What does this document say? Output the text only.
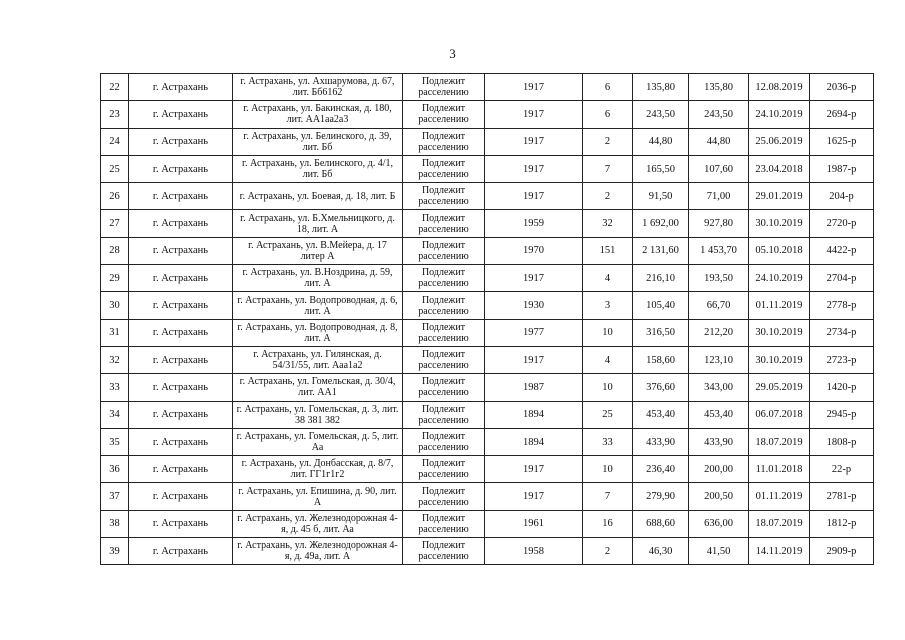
3
22	г. Астрахань	г. Астрахань, ул. Ахшарумова, д. 67, лит. Бб6162	Подлежит расселению	1917	6	135,80	135,80	12.08.2019	2036-р
23	г. Астрахань	г. Астрахань, ул. Бакинская, д. 180, лит. АА1аа2а3	Подлежит расселению	1917	6	243,50	243,50	24.10.2019	2694-р
24	г. Астрахань	г. Астрахань, ул. Белинского, д. 39, лит. Бб	Подлежит расселению	1917	2	44,80	44,80	25.06.2019	1625-р
25	г. Астрахань	г. Астрахань, ул. Белинского, д. 4/1, лит. Бб	Подлежит расселению	1917	7	165,50	107,60	23.04.2018	1987-р
26	г. Астрахань	г. Астрахань, ул. Боевая, д. 18, лит. Б	Подлежит расселению	1917	2	91,50	71,00	29.01.2019	204-р
27	г. Астрахань	г. Астрахань, ул. Б.Хмельницкого, д. 18, лит. А	Подлежит расселению	1959	32	1 692,00	927,80	30.10.2019	2720-р
28	г. Астрахань	г. Астрахань, ул. В.Мейера, д. 17 литер А	Подлежит расселению	1970	151	2 131,60	1 453,70	05.10.2018	4422-р
29	г. Астрахань	г. Астрахань, ул. В.Ноздрина, д. 59, лит. А	Подлежит расселению	1917	4	216,10	193,50	24.10.2019	2704-р
30	г. Астрахань	г. Астрахань, ул. Водопроводная, д. 6, лит. А	Подлежит расселению	1930	3	105,40	66,70	01.11.2019	2778-р
31	г. Астрахань	г. Астрахань, ул. Водопроводная, д. 8, лит. А	Подлежит расселению	1977	10	316,50	212,20	30.10.2019	2734-р
32	г. Астрахань	г. Астрахань, ул. Гилянская, д. 54/31/55, лит. Ааа1а2	Подлежит расселению	1917	4	158,60	123,10	30.10.2019	2723-р
33	г. Астрахань	г. Астрахань, ул. Гомельская, д. 30/4, лит. АА1	Подлежит расселению	1987	10	376,60	343,00	29.05.2019	1420-р
34	г. Астрахань	г. Астрахань, ул. Гомельская, д. 3, лит. 38 381 382	Подлежит расселению	1894	25	453,40	453,40	06.07.2018	2945-р
35	г. Астрахань	г. Астрахань, ул. Гомельская, д. 5, лит. Аа	Подлежит расселению	1894	33	433,90	433,90	18.07.2019	1808-р
36	г. Астрахань	г. Астрахань, ул. Донбасская, д. 8/7, лит. ГГ1г1г2	Подлежит расселению	1917	10	236,40	200,00	11.01.2018	22-р
37	г. Астрахань	г. Астрахань, ул. Епишина, д. 90, лит. А	Подлежит расселению	1917	7	279,90	200,50	01.11.2019	2781-р
38	г. Астрахань	г. Астрахань, ул. Железнодорожная 4-я, д. 45 б, лит. Аа	Подлежит расселению	1961	16	688,60	636,00	18.07.2019	1812-р
39	г. Астрахань	г. Астрахань, ул. Железнодорожная 4-я, д. 49а, лит. А	Подлежит расселению	1958	2	46,30	41,50	14.11.2019	2909-р
